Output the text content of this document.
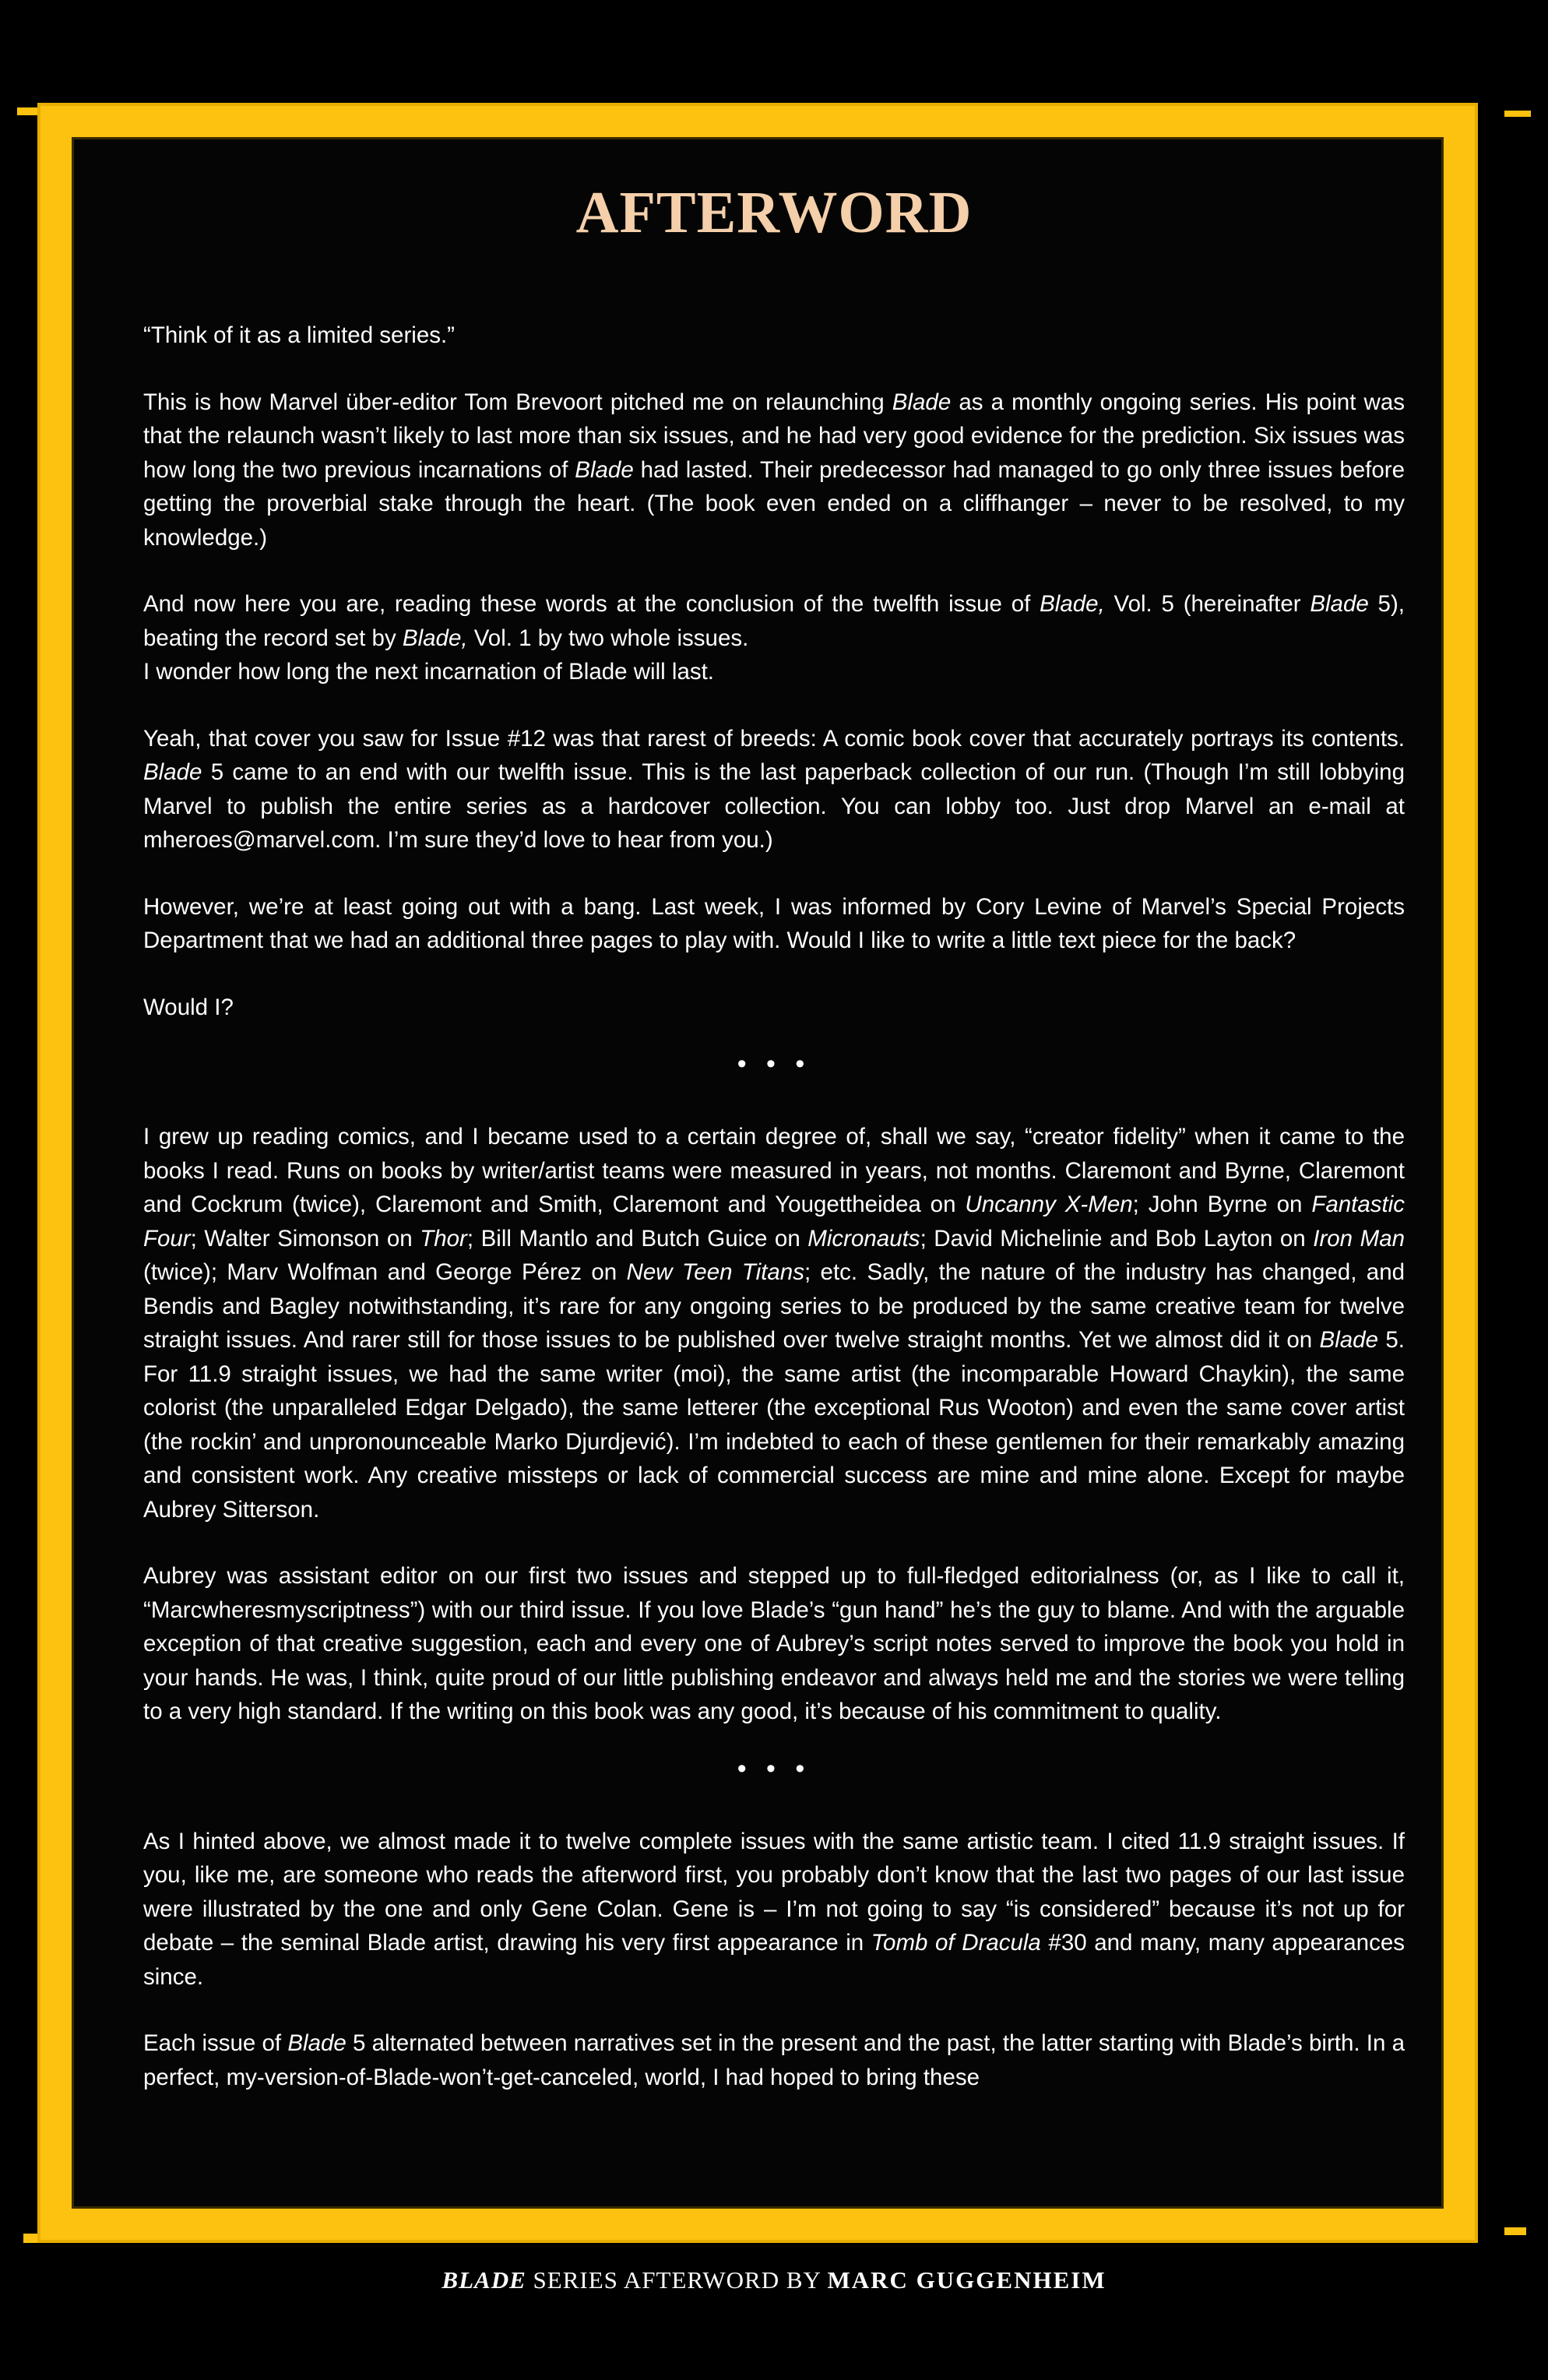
AFTERWORD

“Think of it as a limited series.”

This is how Marvel über-editor Tom Brevoort pitched me on relaunching Blade as a monthly ongoing series. His point was that the relaunch wasn’t likely to last more than six issues, and he had very good evidence for the prediction. Six issues was how long the two previous incarnations of Blade had lasted. Their predecessor had managed to go only three issues before getting the proverbial stake through the heart. (The book even ended on a cliffhanger – never to be resolved, to my knowledge.)

And now here you are, reading these words at the conclusion of the twelfth issue of Blade, Vol. 5 (hereinafter Blade 5), beating the record set by Blade, Vol. 1 by two whole issues.
I wonder how long the next incarnation of Blade will last.

Yeah, that cover you saw for Issue #12 was that rarest of breeds: A comic book cover that accurately portrays its contents. Blade 5 came to an end with our twelfth issue. This is the last paperback collection of our run. (Though I’m still lobbying Marvel to publish the entire series as a hardcover collection. You can lobby too. Just drop Marvel an e-mail at mheroes@marvel.com. I’m sure they’d love to hear from you.)

However, we’re at least going out with a bang. Last week, I was informed by Cory Levine of Marvel’s Special Projects Department that we had an additional three pages to play with. Would I like to write a little text piece for the back?

Would I?

• • •

I grew up reading comics, and I became used to a certain degree of, shall we say, “creator fidelity” when it came to the books I read. Runs on books by writer/artist teams were measured in years, not months. Claremont and Byrne, Claremont and Cockrum (twice), Claremont and Smith, Claremont and Yougettheidea on Uncanny X-Men; John Byrne on Fantastic Four; Walter Simonson on Thor; Bill Mantlo and Butch Guice on Micronauts; David Michelinie and Bob Layton on Iron Man (twice); Marv Wolfman and George Pérez on New Teen Titans; etc. Sadly, the nature of the industry has changed, and Bendis and Bagley notwithstanding, it’s rare for any ongoing series to be produced by the same creative team for twelve straight issues. And rarer still for those issues to be published over twelve straight months. Yet we almost did it on Blade 5. For 11.9 straight issues, we had the same writer (moi), the same artist (the incomparable Howard Chaykin), the same colorist (the unparalleled Edgar Delgado), the same letterer (the exceptional Rus Wooton) and even the same cover artist (the rockin’ and unpronounceable Marko Djurdjević). I’m indebted to each of these gentlemen for their remarkably amazing and consistent work. Any creative missteps or lack of commercial success are mine and mine alone. Except for maybe Aubrey Sitterson.

Aubrey was assistant editor on our first two issues and stepped up to full-fledged editorialness (or, as I like to call it, “Marcwheresmyscriptness”) with our third issue. If you love Blade’s “gun hand” he’s the guy to blame. And with the arguable exception of that creative suggestion, each and every one of Aubrey’s script notes served to improve the book you hold in your hands. He was, I think, quite proud of our little publishing endeavor and always held me and the stories we were telling to a very high standard. If the writing on this book was any good, it’s because of his commitment to quality.

• • •

As I hinted above, we almost made it to twelve complete issues with the same artistic team. I cited 11.9 straight issues. If you, like me, are someone who reads the afterword first, you probably don’t know that the last two pages of our last issue were illustrated by the one and only Gene Colan. Gene is – I’m not going to say “is considered” because it’s not up for debate – the seminal Blade artist, drawing his very first appearance in Tomb of Dracula #30 and many, many appearances since.

Each issue of Blade 5 alternated between narratives set in the present and the past, the latter starting with Blade’s birth. In a perfect, my-version-of-Blade-won’t-get-canceled, world, I had hoped to bring these

BLADE SERIES AFTERWORD BY MARC GUGGENHEIM
